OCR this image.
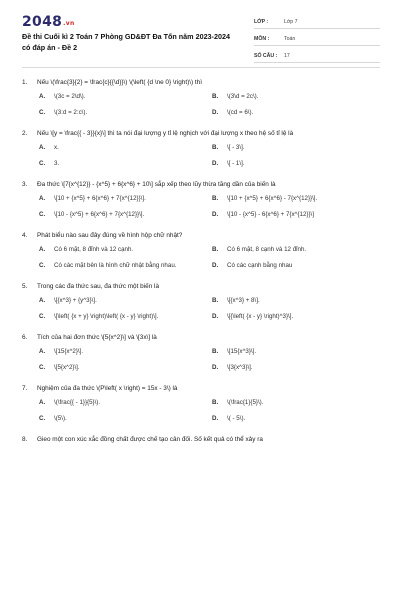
2048.vn
Đề thi Cuối kì 2 Toán 7 Phòng GD&ĐT Đa Tốn năm 2023-2024 có đáp án - Đề 2
LỚP :	Lớp 7
MÔN :	Toán
SỐ CÂU :	17
1.	Nếu \(\frac{3}{2} = \frac{c}{{\d}}\) \(\left( {d \ne 0} \right)\) thì
A.	\(3c = 2\d\).	B.	\(3\d = 2c\).
C.	\(3:d = 2:c\).	D.	\(cd = 6\).
2.	Nếu \[y = \frac{{ - 3}}{x}\] thì ta nói đại lượng y tỉ lệ nghịch với đại lượng x theo hệ số tỉ lệ là
A.	x.	B.	\[ - 3\].
C.	3.	D.	\[ - 1\].
3.	Đa thức \[7{x^{12}} - {x^5} + 6{x^6} + 10\] sắp xếp theo lũy thừa tăng dần của biến là
A.	\[10 + {x^5} + 6{x^6} + 7{x^{12}}\].	B.	\[10 + {x^5} + 6{x^6} - 7{x^{12}}\].
C.	\[10 - {x^5} + 6{x^6} + 7{x^{12}}\].	D.	\[10 - {x^5} - 6{x^6} + 7{x^{12}}\]
4.	Phát biểu nào sau đây đúng về hình hộp chữ nhật?
A.	Có 6 mặt, 8 đỉnh và 12 cạnh.	B.	Có 6 mặt, 8 cạnh và 12 đỉnh.
C.	Có các mặt bên là hình chữ nhật bằng nhau.	D.	Có các cạnh bằng nhau
5.	Trong các đa thức sau, đa thức một biến là
A.	\[{x^3} + {y^3}\].	B.	\[{x^3} + 8\].
C.	\[\left( {x + y} \right)\left( {x - y} \right)\].	D.	\[{\left( {x - y} \right)^3}\].
6.	Tích của hai đơn thức \[5{x^2}\] và \[3x\] là
A.	\[15{x^2}\].	B.	\[15{x^3}\].
C.	\[5{x^2}\].	D.	\[3{x^3}\].
7.	Nghiệm của đa thức \(P\left( x \right) = 15x - 3\) là
A.	\(\frac{{ - 1}}{5}\).	B.	\(\frac{1}{5}\).
C.	\(5\).	D.	\( - 5\).
8.	Gieo một con xúc xắc đồng chất được chế tạo cân đối. Số kết quả có thể xảy ra
